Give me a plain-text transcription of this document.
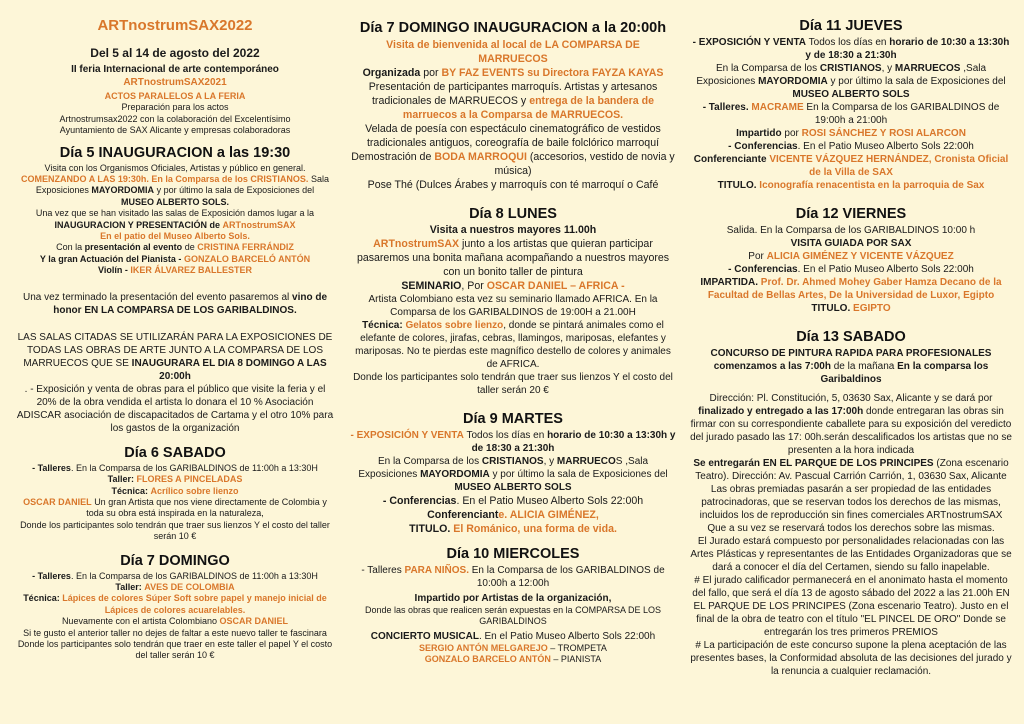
ARTnostrumSAX2022

Del 5 al 14 de agosto del 2022

II feria Internacional de arte contemporáneo

ARTnostrumSAX2021

ACTOS PARALELOS A LA FERIA

Preparación para los actos

Artnostrumsax2022 con la colaboración del Excelentísimo

Ayuntamiento de SAX Alicante y empresas colaboradoras

Día 5 INAUGURACION a las 19:30

Visita con los Organismos Oficiales, Artistas y público en general.

COMENZANDO A LAS 19:30h. En la Comparsa de los CRISTIANOS. Sala

Exposiciones MAYORDOMIA y por último la sala de Exposiciones del

MUSEO ALBERTO SOLS.

Una vez que se han visitado las salas de Exposición damos lugar a la

INAUGURACION Y PRESENTACIÓN de ARTnostrumSAX

En el patio del Museo Alberto Sols.

Con la presentación al evento de CRISTINA FERRÁNDIZ

Y la gran Actuación del Pianista - GONZALO BARCELÓ ANTÓN

Violín - IKER ÁLVAREZ BALLESTER

Una vez terminado la presentación del evento pasaremos al vino de honor EN LA COMPARSA DE LOS GARIBALDINOS.

LAS SALAS CITADAS SE UTILIZARÁN PARA LA EXPOSICIONES DE TODAS LAS OBRAS DE ARTE JUNTO A LA COMPARSA DE LOS MARRUECOS QUE SE INAUGURARA EL DIA 8 DOMINGO A LAS 20:00h

. - Exposición y venta de obras para el público que visite la feria y el 20% de la obra vendida el artista lo donara el 10 % Asociación ADISCAR asociación de discapacitados de Cartama y el otro 10% para los gastos de la organización

Día 6 SABADO

- Talleres. En la Comparsa de los GARIBALDINOS de 11:00h a 13:30H

Taller: FLORES A PINCELADAS

Técnica: Acrílico sobre lienzo

OSCAR DANIEL Un gran Artista que nos viene directamente de Colombia y toda su obra está inspirada en la naturaleza,

Donde los participantes solo tendrán que traer sus lienzos Y el costo del taller serán 10 €

Día 7 DOMINGO

- Talleres. En la Comparsa de los GARIBALDINOS de 11:00h a 13:30H

Taller: AVES DE COLOMBIA

Técnica: Lápices de colores Súper Soft sobre papel y manejo inicial de Lápices de colores acuarelables.

Nuevamente con el artista Colombiano OSCAR DANIEL

Si te gusto el anterior taller no dejes de faltar a este nuevo taller te fascinara

Donde los participantes solo tendrán que traer en este taller el papel Y el costo del taller serán 10 €

Día 7 DOMINGO INAUGURACION a la 20:00h

Visita de bienvenida al local de LA COMPARSA DE MARRUECOS

Organizada por BY FAZ EVENTS su Directora FAYZA KAYAS

Presentación de participantes marroquís. Artistas y artesanos tradicionales de MARRUECOS y entrega de la bandera de marruecos a la Comparsa de MARRUECOS.

Velada de poesía con espectáculo cinematográfico de vestidos tradicionales antiguos, coreografía de baile folclórico marroquí Demostración de BODA MARROQUI (accesorios, vestido de novia y música)

Pose Thé (Dulces Árabes y marroquís con té marroquí o Café

Día 8 LUNES

Visita a nuestros mayores 11.00h

ARTnostrumSAX junto a los artistas que quieran participar pasaremos una bonita mañana acompañando a nuestros mayores con un bonito taller de pintura

SEMINARIO, Por OSCAR DANIEL – AFRICA -

Artista Colombiano esta vez su seminario llamado AFRICA. En la Comparsa de los GARIBALDINOS de 19:00H a 21.00H

Técnica: Gelatos sobre lienzo, donde se pintará animales como el elefante de colores, jirafas, cebras, llamingos, mariposas, elefantes y mariposas. No te pierdas este magnífico destello de colores y animales de AFRICA.

Donde los participantes solo tendrán que traer sus lienzos Y el costo del taller serán 20 €

Día 9 MARTES

- EXPOSICIÓN Y VENTA Todos los días en horario de 10:30 a 13:30h y de 18:30 a 21:30h

En la Comparsa de los CRISTIANOS, y MARRUECOS ,Sala Exposiciones MAYORDOMIA y por último la sala de Exposiciones del

MUSEO ALBERTO SOLS

- Conferencias. En el Patio Museo Alberto Sols 22:00h

Conferenciante. ALICIA GIMÉNEZ,

TITULO. El Románico, una forma de vida.

Día 10 MIERCOLES

- Talleres PARA NIÑOS. En la Comparsa de los GARIBALDINOS de 10:00h a 12:00h

Impartido por Artistas de la organización,

Donde las obras que realicen serán expuestas en la COMPARSA DE LOS GARIBALDINOS

CONCIERTO MUSICAL. En el Patio Museo Alberto Sols 22:00h

SERGIO ANTÓN MELGAREJO – TROMPETA

GONZALO BARCELO ANTÓN – PIANISTA

Día 11 JUEVES

- EXPOSICIÓN Y VENTA Todos los días en horario de 10:30 a 13:30h y de 18:30 a 21:30h

En la Comparsa de los CRISTIANOS, y MARRUECOS ,Sala Exposiciones MAYORDOMIA y por último la sala de Exposiciones del

MUSEO ALBERTO SOLS

- Talleres. MACRAME En la Comparsa de los GARIBALDINOS de 19:00h a 21:00h

Impartido por ROSI SÁNCHEZ Y ROSI ALARCON

- Conferencias. En el Patio Museo Alberto Sols 22:00h

Conferenciante VICENTE VÁZQUEZ HERNÁNDEZ, Cronista Oficial de la Villa de SAX

TITULO. Iconografía renacentista en la parroquia de Sax

Día 12 VIERNES

Salida. En la Comparsa de los GARIBALDINOS 10:00 h

VISITA GUIADA POR SAX

Por ALICIA GIMÉNEZ Y VICENTE VÁZQUEZ

- Conferencias. En el Patio Museo Alberto Sols 22:00h

IMPARTIDA. Prof. Dr. Ahmed Mohey Gaber Hamza Decano de la Facultad de Bellas Artes, De la Universidad de Luxor, Egipto

TITULO. EGIPTO

Día 13 SABADO

CONCURSO DE PINTURA RAPIDA PARA PROFESIONALES

comenzamos a las 7:00h de la mañana En la comparsa los Garibaldinos

Dirección: Pl. Constitución, 5, 03630 Sax, Alicante y se dará por finalizado y entregado a las 17:00h donde entregaran las obras sin firmar con su correspondiente caballete para su exposición del veredicto del jurado pasado las 17: 00h.serán descalificados los artistas que no se presenten a la hora indicada

Se entregarán EN EL PARQUE DE LOS PRINCIPES (Zona escenario Teatro). Dirección: Av. Pascual Carrión Carrión, 1, 03630 Sax, Alicante

Las obras premiadas pasarán a ser propiedad de las entidades patrocinadoras, que se reservan todos los derechos de las mismas, incluidos los de reproducción sin fines comerciales ARTnostrumSAX Que a su vez se reservará todos los derechos sobre las mismas.

El Jurado estará compuesto por personalidades relacionadas con las Artes Plásticas y representantes de las Entidades Organizadoras que se dará a conocer el día del Certamen, siendo su fallo inapelable.

# El jurado calificador permanecerá en el anonimato hasta el momento del fallo, que será el día 13 de agosto sábado del 2022 a las 21.00h EN EL PARQUE DE LOS PRINCIPES (Zona escenario Teatro). Justo en el final de la obra de teatro con el título "EL PINCEL DE ORO" Donde se entregarán los tres primeros PREMIOS

# La participación de este concurso supone la plena aceptación de las presentes bases, la Conformidad absoluta de las decisiones del jurado y la renuncia a cualquier reclamación.
